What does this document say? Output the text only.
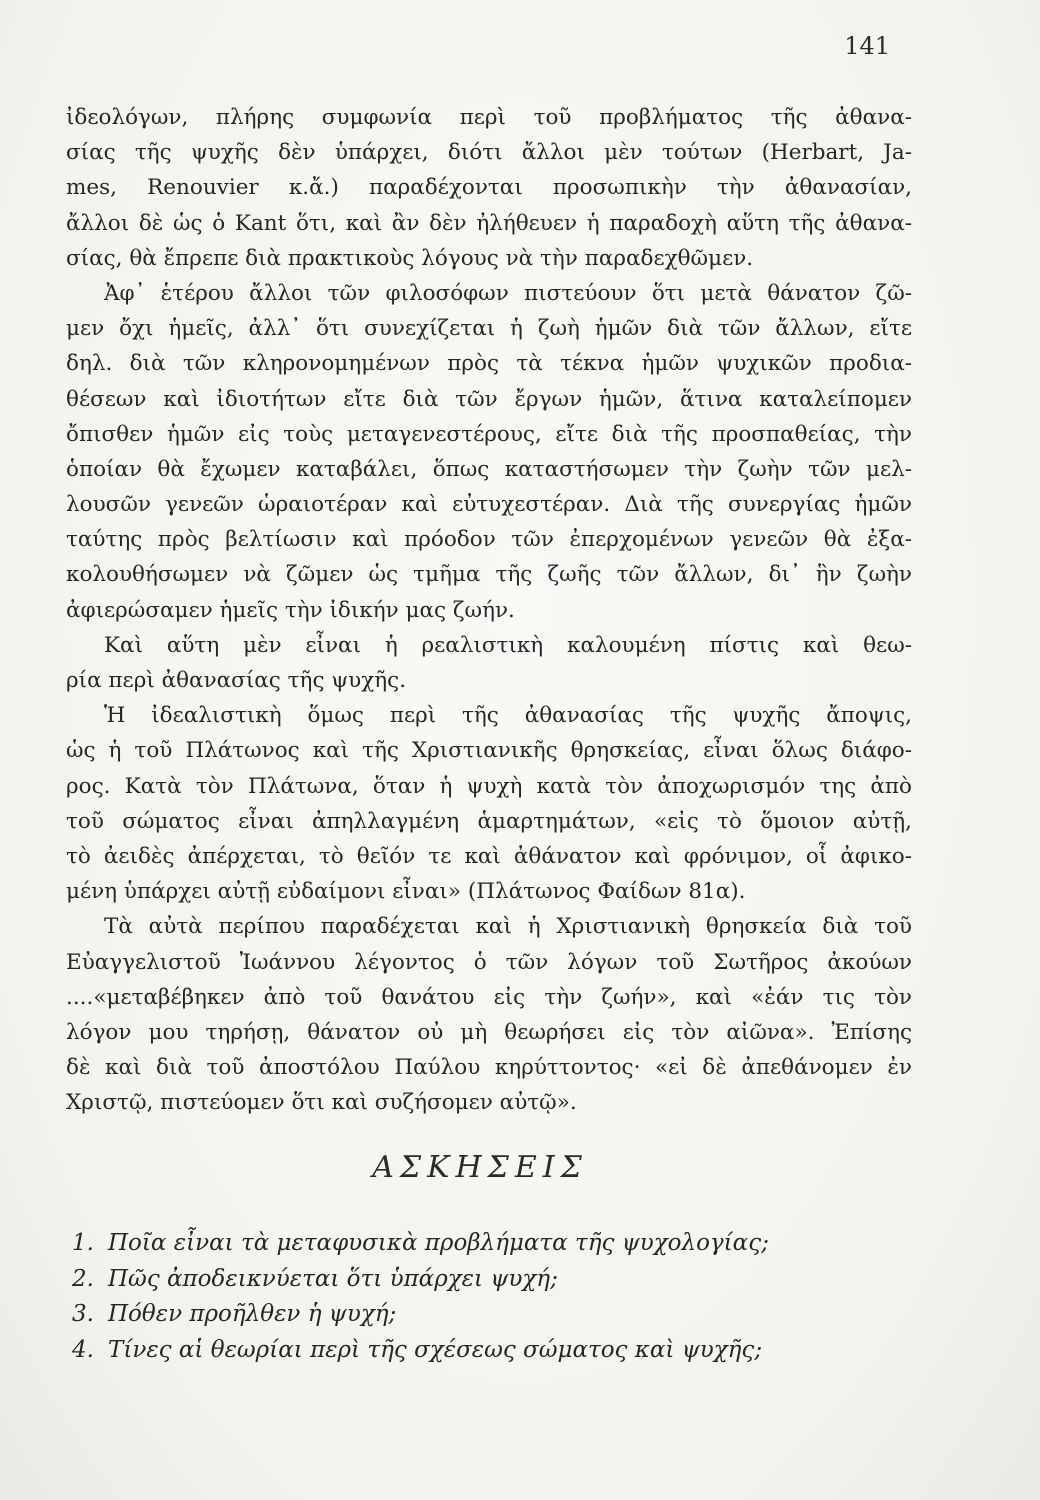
141
ἰδεολόγων, πλήρης συμφωνία περὶ τοῦ προβλήματος τῆς ἀθανα-
σίας τῆς ψυχῆς δὲν ὑπάρχει, διότι ἄλλοι μὲν τούτων (Herbart, Ja-
mes, Renouvier κ.ἄ.) παραδέχονται προσωπικὴν τὴν ἀθανασίαν,
ἄλλοι δὲ ὡς ὁ Kant ὅτι, καὶ ἂν δὲν ἠλήθευεν ἡ παραδοχὴ αὕτη τῆς ἀθανα-
σίας, θὰ ἔπρεπε διὰ πρακτικοὺς λόγους νὰ τὴν παραδεχθῶμεν.
Ἀφ᾽ ἑτέρου ἄλλοι τῶν φιλοσόφων πιστεύουν ὅτι μετὰ θάνατον ζῶ-
μεν ὄχι ἡμεῖς, ἀλλ᾽ ὅτι συνεχίζεται ἡ ζωὴ ἡμῶν διὰ τῶν ἄλλων, εἴτε
δηλ. διὰ τῶν κληρονομημένων πρὸς τὰ τέκνα ἡμῶν ψυχικῶν προδια-
θέσεων καὶ ἰδιοτήτων εἴτε διὰ τῶν ἔργων ἡμῶν, ἅτινα καταλείπομεν
ὄπισθεν ἡμῶν εἰς τοὺς μεταγενεστέρους, εἴτε διὰ τῆς προσπαθείας, τὴν
ὁποίαν θὰ ἔχωμεν καταβάλει, ὅπως καταστήσωμεν τὴν ζωὴν τῶν μελ-
λουσῶν γενεῶν ὡραιοτέραν καὶ εὐτυχεστέραν. Διὰ τῆς συνεργίας ἡμῶν
ταύτης πρὸς βελτίωσιν καὶ πρόοδον τῶν ἐπερχομένων γενεῶν θὰ ἐξα-
κολουθήσωμεν νὰ ζῶμεν ὡς τμῆμα τῆς ζωῆς τῶν ἄλλων, δι᾽ ἣν ζωὴν
ἀφιερώσαμεν ἡμεῖς τὴν ἰδικήν μας ζωήν.
Καὶ αὕτη μὲν εἶναι ἡ ρεαλιστικὴ καλουμένη πίστις καὶ θεω-
ρία περὶ ἀθανασίας τῆς ψυχῆς.
Ἡ ἰδεαλιστικὴ ὅμως περὶ τῆς ἀθανασίας τῆς ψυχῆς ἄποψις,
ὡς ἡ τοῦ Πλάτωνος καὶ τῆς Χριστιανικῆς θρησκείας, εἶναι ὅλως διάφο-
ρος. Κατὰ τὸν Πλάτωνα, ὅταν ἡ ψυχὴ κατὰ τὸν ἀποχωρισμόν της ἀπὸ
τοῦ σώματος εἶναι ἀπηλλαγμένη ἁμαρτημάτων, «εἰς τὸ ὅμοιον αὐτῇ,
τὸ ἀειδὲς ἀπέρχεται, τὸ θεῖόν τε καὶ ἀθάνατον καὶ φρόνιμον, οἷ ἀφικο-
μένη ὑπάρχει αὐτῇ εὐδαίμονι εἶναι» (Πλάτωνος Φαίδων 81α).
Τὰ αὐτὰ περίπου παραδέχεται καὶ ἡ Χριστιανικὴ θρησκεία διὰ τοῦ
Εὐαγγελιστοῦ Ἰωάννου λέγοντος ὁ τῶν λόγων τοῦ Σωτῆρος ἀκούων
....«μεταβέβηκεν ἀπὸ τοῦ θανάτου εἰς τὴν ζωήν», καὶ «ἐάν τις τὸν
λόγον μου τηρήσῃ, θάνατον οὐ μὴ θεωρήσει εἰς τὸν αἰῶνα». Ἐπίσης
δὲ καὶ διὰ τοῦ ἀποστόλου Παύλου κηρύττοντος· «εἰ δὲ ἀπεθάνομεν ἐν
Χριστῷ, πιστεύομεν ὅτι καὶ συζήσομεν αὐτῷ».
ΑΣΚΗΣΕΙΣ
1. Ποῖα εἶναι τὰ μεταφυσικὰ προβλήματα τῆς ψυχολογίας;
2. Πῶς ἀποδεικνύεται ὅτι ὑπάρχει ψυχή;
3. Πόθεν προῆλθεν ἡ ψυχή;
4. Τίνες αἱ θεωρίαι περὶ τῆς σχέσεως σώματος καὶ ψυχῆς;
